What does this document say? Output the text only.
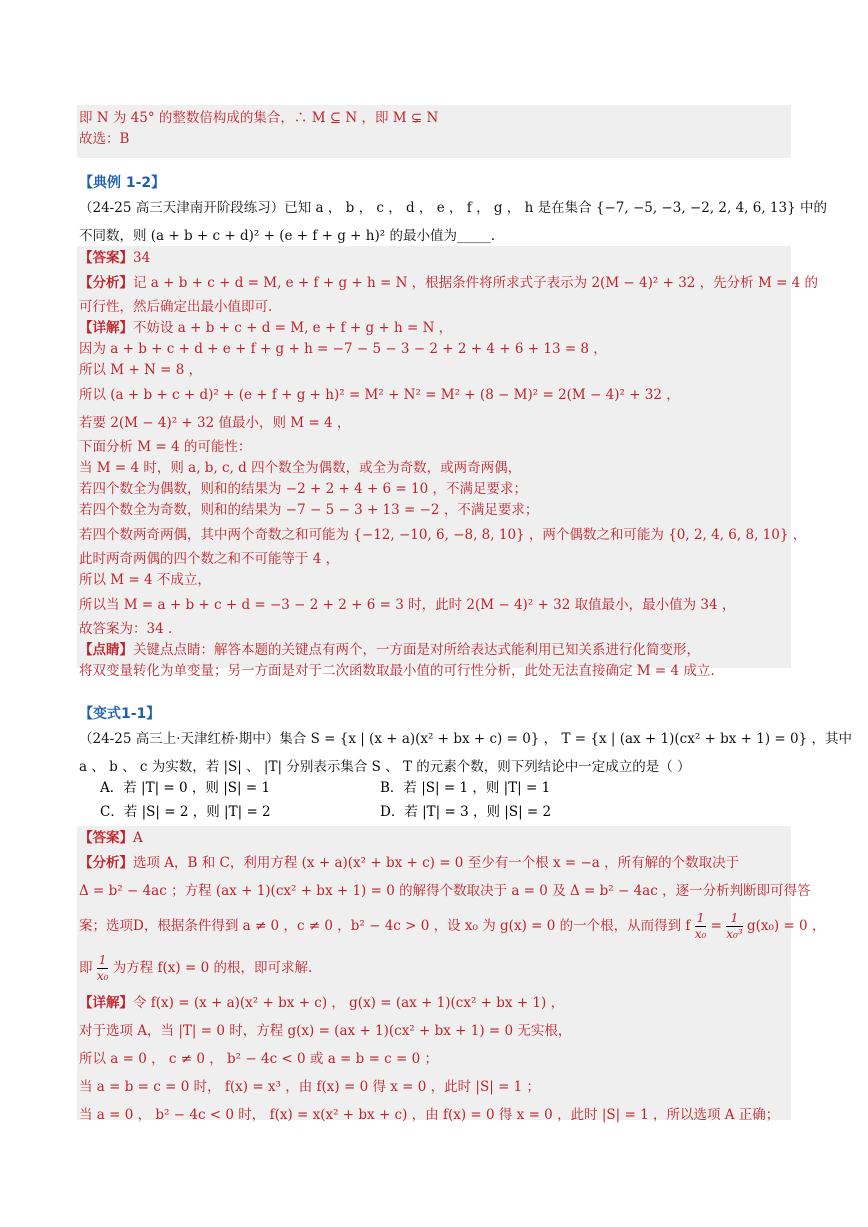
即 N 为 45° 的整数倍构成的集合，∴ M ⊆ N ，即 M ⊊ N
故选：B
【典例 1-2】
（24-25 高三天津南开阶段练习）已知 a ， b ， c ， d ， e ， f ， g ， h 是在集合 {−7, −5, −3, −2, 2, 4, 6, 13} 中的
不同数，则 (a + b + c + d)² + (e + f + g + h)² 的最小值为_____.
【答案】34
【分析】记 a + b + c + d = M, e + f + g + h = N ，根据条件将所求式子表示为 2(M − 4)² + 32 ，先分析 M = 4 的
可行性，然后确定出最小值即可.
【详解】不妨设 a + b + c + d = M, e + f + g + h = N ，
因为 a + b + c + d + e + f + g + h = −7 − 5 − 3 − 2 + 2 + 4 + 6 + 13 = 8 ，
所以 M + N = 8 ，
所以 (a + b + c + d)² + (e + f + g + h)² = M² + N² = M² + (8 − M)² = 2(M − 4)² + 32 ，
若要 2(M − 4)² + 32 值最小，则 M = 4 ，
下面分析 M = 4 的可能性：
当 M = 4 时，则 a, b, c, d 四个数全为偶数，或全为奇数，或两奇两偶，
若四个数全为偶数，则和的结果为 −2 + 2 + 4 + 6 = 10 ，不满足要求；
若四个数全为奇数，则和的结果为 −7 − 5 − 3 + 13 = −2 ，不满足要求；
若四个数两奇两偶，其中两个奇数之和可能为 {−12, −10, 6, −8, 8, 10} ，两个偶数之和可能为 {0, 2, 4, 6, 8, 10} ，
此时两奇两偶的四个数之和不可能等于 4 ，
所以 M = 4 不成立，
所以当 M = a + b + c + d = −3 − 2 + 2 + 6 = 3 时，此时 2(M − 4)² + 32 取值最小，最小值为 34 ，
故答案为：34 .
【点睛】关键点点睛：解答本题的关键点有两个，一方面是对所给表达式能利用已知关系进行化简变形，
将双变量转化为单变量；另一方面是对于二次函数取最小值的可行性分析，此处无法直接确定 M = 4 成立.
【变式1-1】
（24-25 高三上·天津红桥·期中）集合 S = {x | (x + a)(x² + bx + c) = 0} ， T = {x | (ax + 1)(cx² + bx + 1) = 0} ，其中
a 、 b 、 c 为实数，若 |S| 、 |T| 分别表示集合 S 、 T 的元素个数，则下列结论中一定成立的是（ ）
A．若 |T| = 0 ，则 |S| = 1	B．若 |S| = 1 ，则 |T| = 1
C．若 |S| = 2 ，则 |T| = 2	D．若 |T| = 3 ，则 |S| = 2
【答案】A
【分析】选项 A，B 和 C，利用方程 (x + a)(x² + bx + c) = 0 至少有一个根 x = −a ，所有解的个数取决于
Δ = b² − 4ac ；方程 (ax + 1)(cx² + bx + 1) = 0 的解得个数取决于 a = 0 及 Δ = b² − 4ac ，逐一分析判断即可得答
案；选项D，根据条件得到 a ≠ 0 ，c ≠ 0 ，b² − 4c > 0 ，设 x₀ 为 g(x) = 0 的一个根，从而得到 f $\frac{1}{\text{x₀}} = \frac{1}{\text{x₀³}} g(x_0) = 0$ ，
即 $\frac{1}{\text{x₀}}$ 为方程 f(x) = 0 的根，即可求解.
【详解】令 f(x) = (x + a)(x² + bx + c) ， g(x) = (ax + 1)(cx² + bx + 1) ，
对于选项 A，当 |T| = 0 时，方程 g(x) = (ax + 1)(cx² + bx + 1) = 0 无实根，
所以 a = 0 ， c ≠ 0 ， b² − 4c < 0 或 a = b = c = 0 ；
当 a = b = c = 0 时， f(x) = x³ ，由 f(x) = 0 得 x = 0 ，此时 |S| = 1 ；
当 a = 0 ， b² − 4c < 0 时， f(x) = x(x² + bx + c) ，由 f(x) = 0 得 x = 0 ，此时 |S| = 1 ，所以选项 A 正确；
